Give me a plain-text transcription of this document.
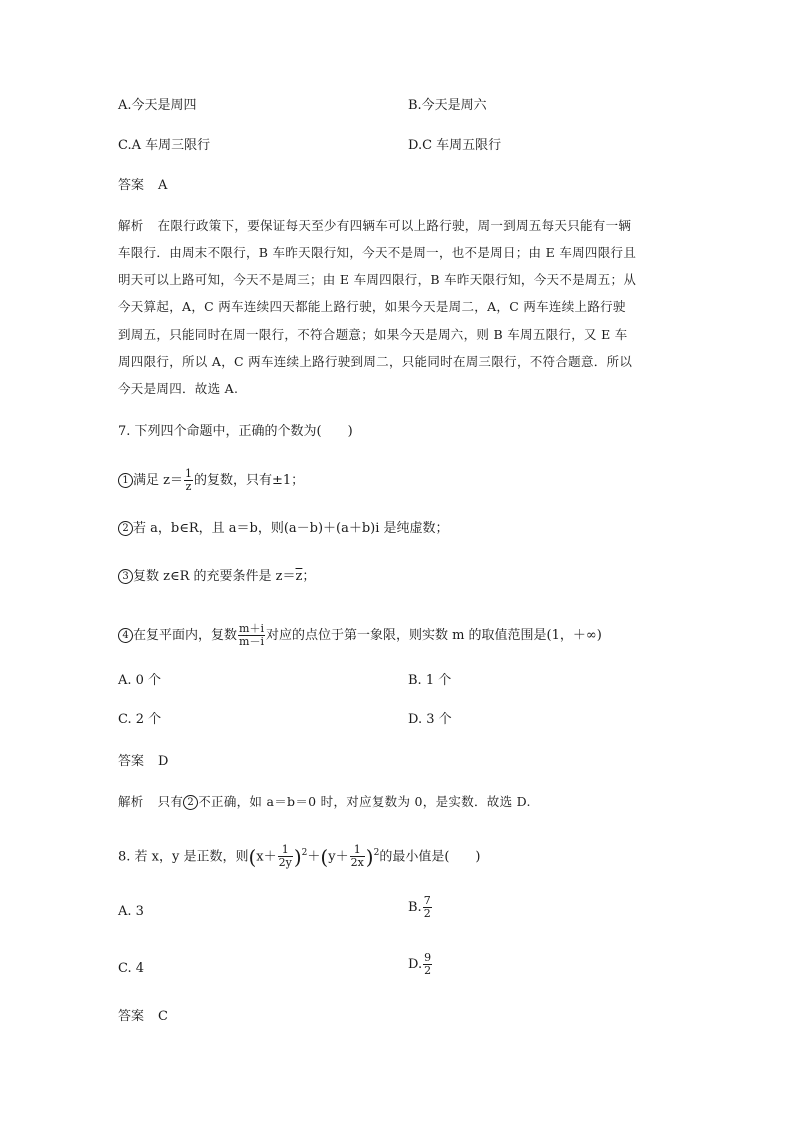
A.今天是周四	B.今天是周六
C.A 车周三限行	D.C 车周五限行
答案 A
解析 在限行政策下，要保证每天至少有四辆车可以上路行驶，周一到周五每天只能有一辆
车限行．由周末不限行，B 车昨天限行知，今天不是周一，也不是周日；由 E 车周四限行且
明天可以上路可知，今天不是周三；由 E 车周四限行，B 车昨天限行知，今天不是周五；从
今天算起，A，C 两车连续四天都能上路行驶，如果今天是周二，A，C 两车连续上路行驶
到周五，只能同时在周一限行，不符合题意；如果今天是周六，则 B 车周五限行，又 E 车
周四限行，所以 A，C 两车连续上路行驶到周二，只能同时在周三限行，不符合题意．所以
今天是周四．故选 A.
7. 下列四个命题中，正确的个数为(　　)
1 满足 $z= \frac{1}{z}$ 的复数，只有±1；
2 若 a，b∈R，且 a＝b，则(a－b)＋(a＋b)i 是纯虚数；
3 复数 z∈R 的充要条件是 $z=\overline{z}$；
4 在复平面内，复数 $\frac{m+i}{m-i}$ 对应的点位于第一象限，则实数 m 的取值范围是(1，＋∞)
A. 0 个	B. 1 个
C. 2 个	D. 3 个
答案 D
解析 只有 2 不正确，如 a＝b＝0 时，对应复数为 0，是实数．故选 D.
8. 若 x，y 是正数，则$(x+ \frac{1}{2y} )^2+(y+ \frac{1}{2x} )^2$的最小值是(　　)
A. 3	B. $\frac{7}{2}$
C. 4	D. $\frac{9}{2}$
答案 C
